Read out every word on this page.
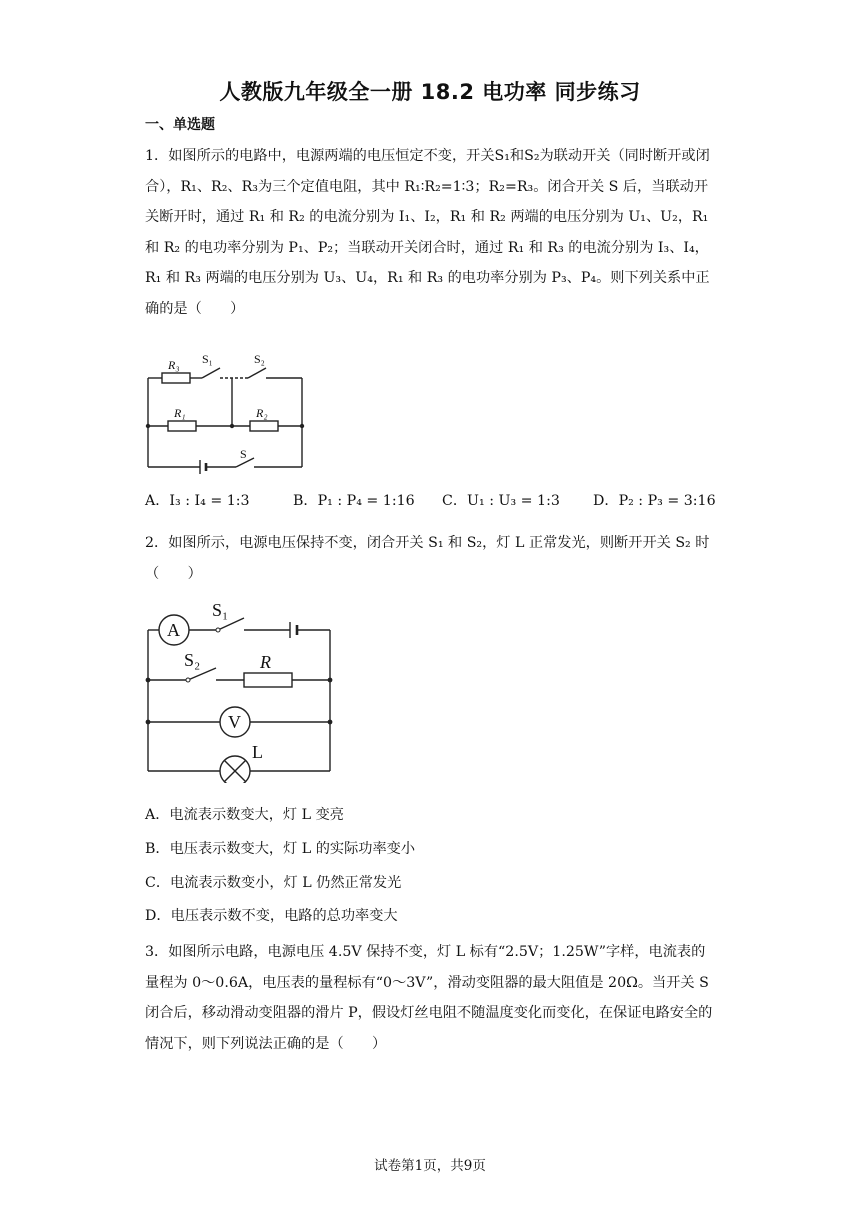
人教版九年级全一册 18.2 电功率 同步练习
一、单选题
1．如图所示的电路中，电源两端的电压恒定不变，开关S₁和S₂为联动开关（同时断开或闭合），R₁、R₂、R₃为三个定值电阻，其中 R₁∶R₂=1∶3；R₂=R₃。闭合开关 S 后，当联动开关断开时，通过 R₁ 和 R₂ 的电流分别为 I₁、I₂，R₁ 和 R₂ 两端的电压分别为 U₁、U₂，R₁ 和 R₂ 的电功率分别为 P₁、P₂；当联动开关闭合时，通过 R₁ 和 R₃ 的电流分别为 I₃、I₄，R₁ 和 R₃ 两端的电压分别为 U₃、U₄，R₁ 和 R₃ 的电功率分别为 P₃、P₄。则下列关系中正确的是（　　）
R₃ S₁	S₂
R₁	R₂
S
A．I₃ : I₄ = 1:3	B．P₁ : P₄ = 1:16 C．U₁ : U₃ = 1:3 D．P₂ : P₃ = 3:16
2．如图所示，电源电压保持不变，闭合开关 S₁ 和 S₂，灯 L 正常发光，则断开开关 S₂ 时（　　）
A
S₁
S₂	R
V
L
A．电流表示数变大，灯 L 变亮
B．电压表示数变大，灯 L 的实际功率变小
C．电流表示数变小，灯 L 仍然正常发光
D．电压表示数不变，电路的总功率变大
3．如图所示电路，电源电压 4.5V 保持不变，灯 L 标有“2.5V；1.25W”字样，电流表的量程为 0～0.6A，电压表的量程标有“0～3V”，滑动变阻器的最大阻值是 20Ω。当开关 S 闭合后，移动滑动变阻器的滑片 P，假设灯丝电阻不随温度变化而变化，在保证电路安全的情况下，则下列说法正确的是（　　）
试卷第1页，共9页
